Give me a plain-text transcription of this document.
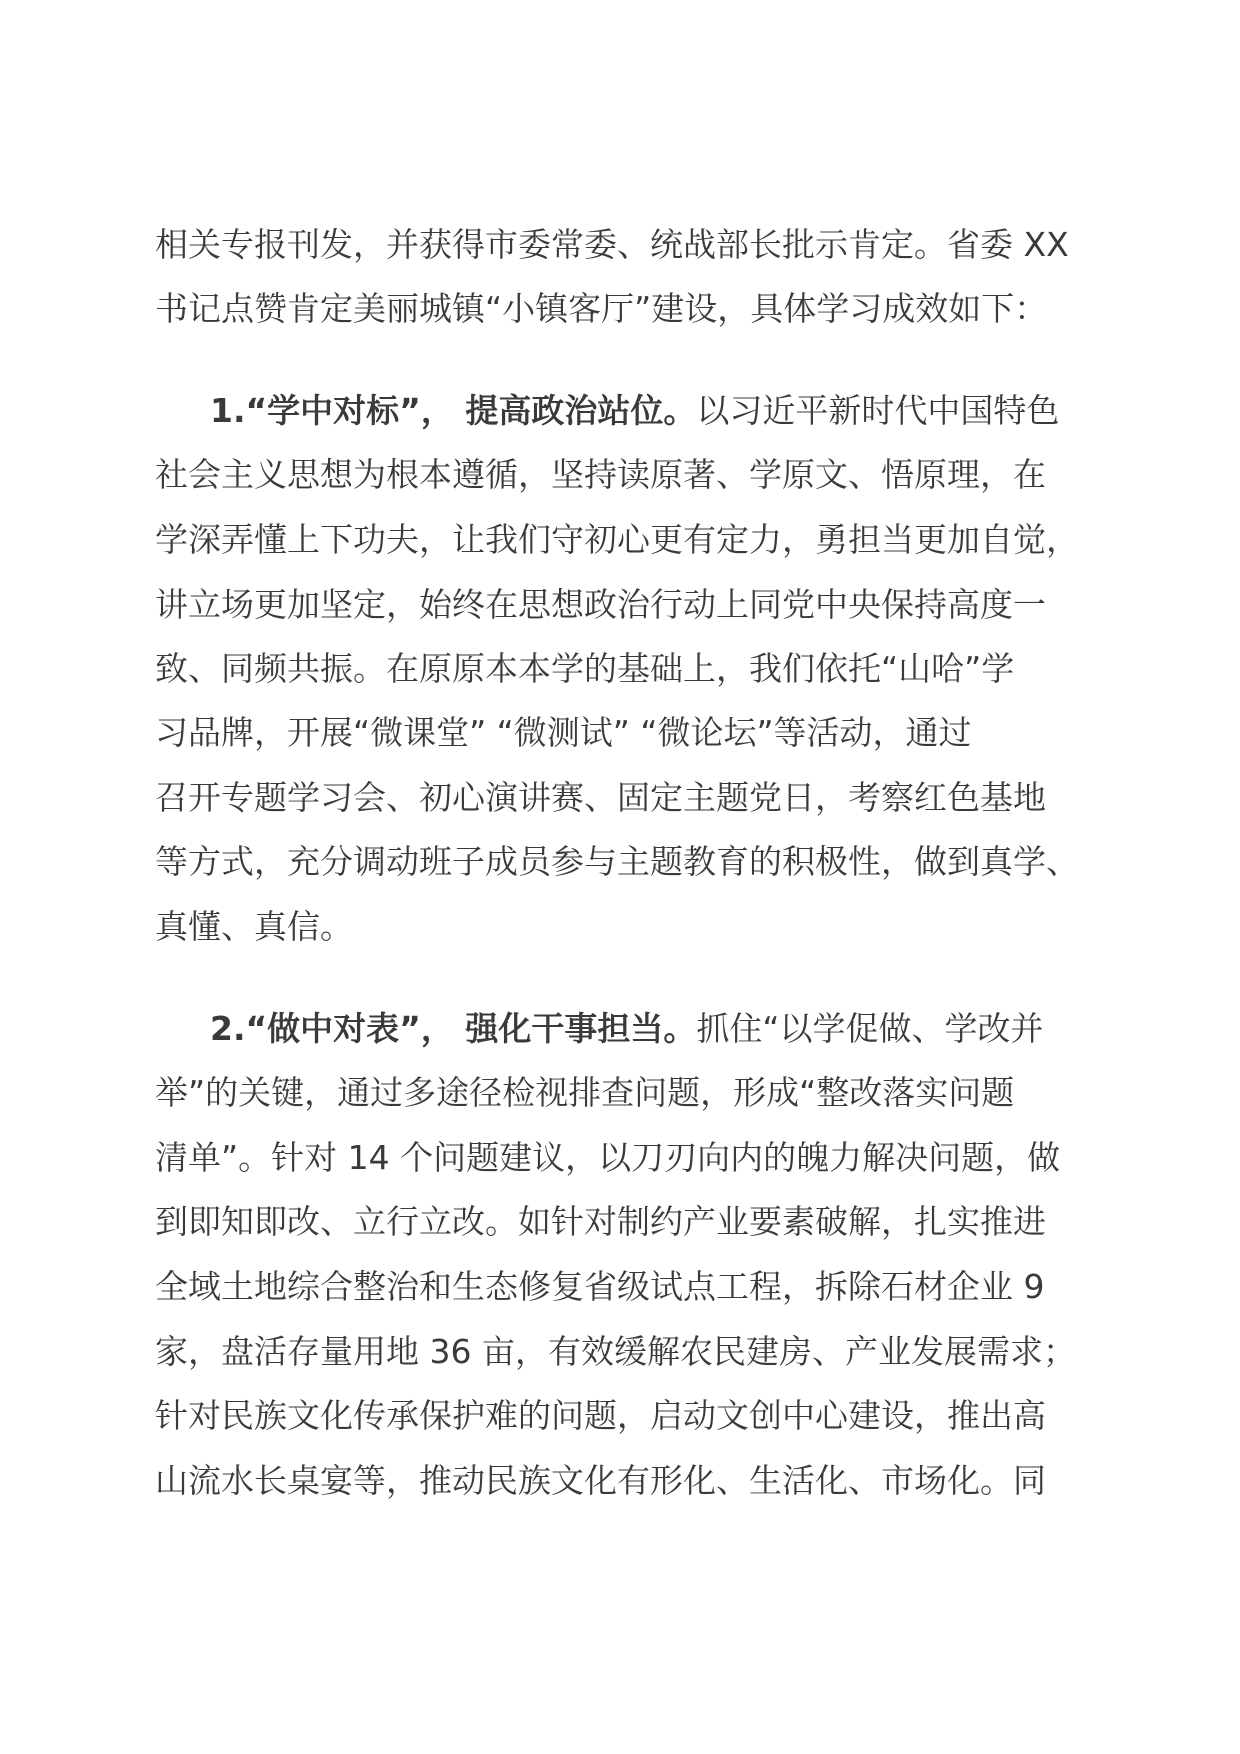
相关专报刊发，并获得市委常委、统战部长批示肯定。省委 XX
书记点赞肯定美丽城镇“小镇客厅”建设，具体学习成效如下：
1.“学中对标”， 提高政治站位。以习近平新时代中国特色
社会主义思想为根本遵循，坚持读原著、学原文、悟原理，在
学深弄懂上下功夫，让我们守初心更有定力，勇担当更加自觉，
讲立场更加坚定，始终在思想政治行动上同党中央保持高度一
致、同频共振。在原原本本学的基础上，我们依托“山哈”学
习品牌，开展“微课堂” “微测试” “微论坛”等活动，通过
召开专题学习会、初心演讲赛、固定主题党日，考察红色基地
等方式，充分调动班子成员参与主题教育的积极性，做到真学、
真懂、真信。
2.“做中对表”， 强化干事担当。抓住“以学促做、学改并
举”的关键，通过多途径检视排查问题，形成“整改落实问题
清单”。针对 14 个问题建议，以刀刃向内的魄力解决问题，做
到即知即改、立行立改。如针对制约产业要素破解，扎实推进
全域土地综合整治和生态修复省级试点工程，拆除石材企业 9
家，盘活存量用地 36 亩，有效缓解农民建房、产业发展需求；
针对民族文化传承保护难的问题，启动文创中心建设，推出高
山流水长桌宴等，推动民族文化有形化、生活化、市场化。同
